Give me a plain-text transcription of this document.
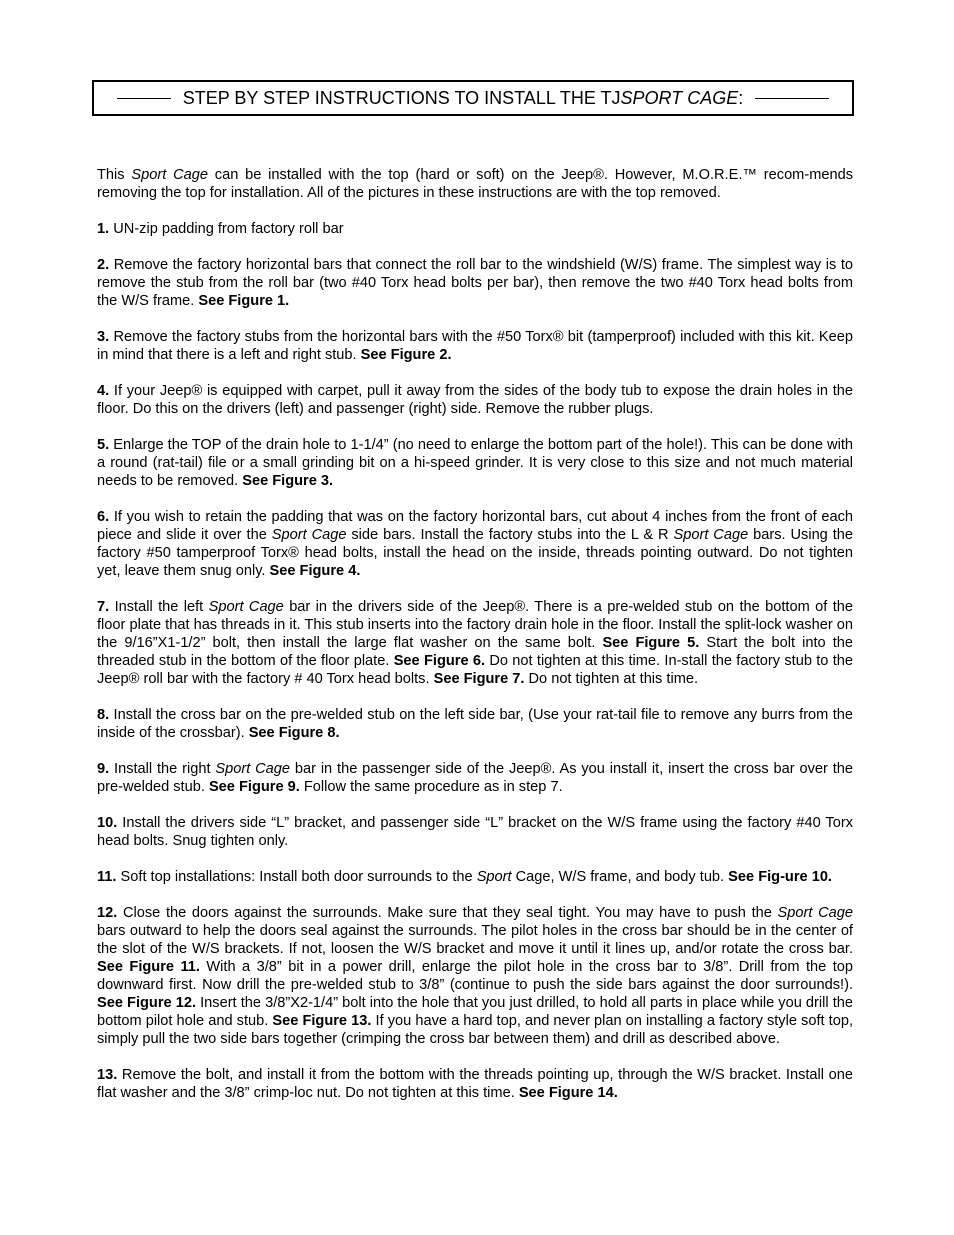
STEP BY STEP INSTRUCTIONS TO INSTALL THE TJ SPORT CAGE :

This Sport Cage can be installed with the top (hard or soft) on the Jeep®. However, M.O.R.E.™ recom-mends removing the top for installation. All of the pictures in these instructions are with the top removed.

1. UN-zip padding from factory roll bar

2. Remove the factory horizontal bars that connect the roll bar to the windshield (W/S) frame. The simplest way is to remove the stub from the roll bar (two #40 Torx head bolts per bar), then remove the two #40 Torx head bolts from the W/S frame. See Figure 1.

3. Remove the factory stubs from the horizontal bars with the #50 Torx® bit (tamperproof) included with this kit. Keep in mind that there is a left and right stub. See Figure 2.

4. If your Jeep® is equipped with carpet, pull it away from the sides of the body tub to expose the drain holes in the floor. Do this on the drivers (left) and passenger (right) side. Remove the rubber plugs.

5. Enlarge the TOP of the drain hole to 1-1/4” (no need to enlarge the bottom part of the hole!). This can be done with a round (rat-tail) file or a small grinding bit on a hi-speed grinder. It is very close to this size and not much material needs to be removed. See Figure 3.

6. If you wish to retain the padding that was on the factory horizontal bars, cut about 4 inches from the front of each piece and slide it over the Sport Cage side bars. Install the factory stubs into the L & R Sport Cage bars. Using the factory #50 tamperproof Torx® head bolts, install the head on the inside, threads pointing outward. Do not tighten yet, leave them snug only. See Figure 4.

7. Install the left Sport Cage bar in the drivers side of the Jeep®. There is a pre-welded stub on the bottom of the floor plate that has threads in it. This stub inserts into the factory drain hole in the floor. Install the split-lock washer on the 9/16”X1-1/2” bolt, then install the large flat washer on the same bolt. See Figure 5. Start the bolt into the threaded stub in the bottom of the floor plate. See Figure 6. Do not tighten at this time. In-stall the factory stub to the Jeep® roll bar with the factory # 40 Torx head bolts. See Figure 7. Do not tighten at this time.

8. Install the cross bar on the pre-welded stub on the left side bar, (Use your rat-tail file to remove any burrs from the inside of the crossbar). See Figure 8.

9. Install the right Sport Cage bar in the passenger side of the Jeep®. As you install it, insert the cross bar over the pre-welded stub. See Figure 9. Follow the same procedure as in step 7.

10. Install the drivers side “L” bracket, and passenger side “L” bracket on the W/S frame using the factory #40 Torx head bolts. Snug tighten only.

11. Soft top installations: Install both door surrounds to the Sport Cage, W/S frame, and body tub. See Fig-ure 10.

12. Close the doors against the surrounds. Make sure that they seal tight. You may have to push the Sport Cage bars outward to help the doors seal against the surrounds. The pilot holes in the cross bar should be in the center of the slot of the W/S brackets. If not, loosen the W/S bracket and move it until it lines up, and/or rotate the cross bar. See Figure 11. With a 3/8” bit in a power drill, enlarge the pilot hole in the cross bar to 3/8”. Drill from the top downward first. Now drill the pre-welded stub to 3/8” (continue to push the side bars against the door surrounds!). See Figure 12. Insert the 3/8”X2-1/4” bolt into the hole that you just drilled, to hold all parts in place while you drill the bottom pilot hole and stub. See Figure 13. If you have a hard top, and never plan on installing a factory style soft top, simply pull the two side bars together (crimping the cross bar between them) and drill as described above.

13. Remove the bolt, and install it from the bottom with the threads pointing up, through the W/S bracket. Install one flat washer and the 3/8” crimp-loc nut. Do not tighten at this time. See Figure 14.
